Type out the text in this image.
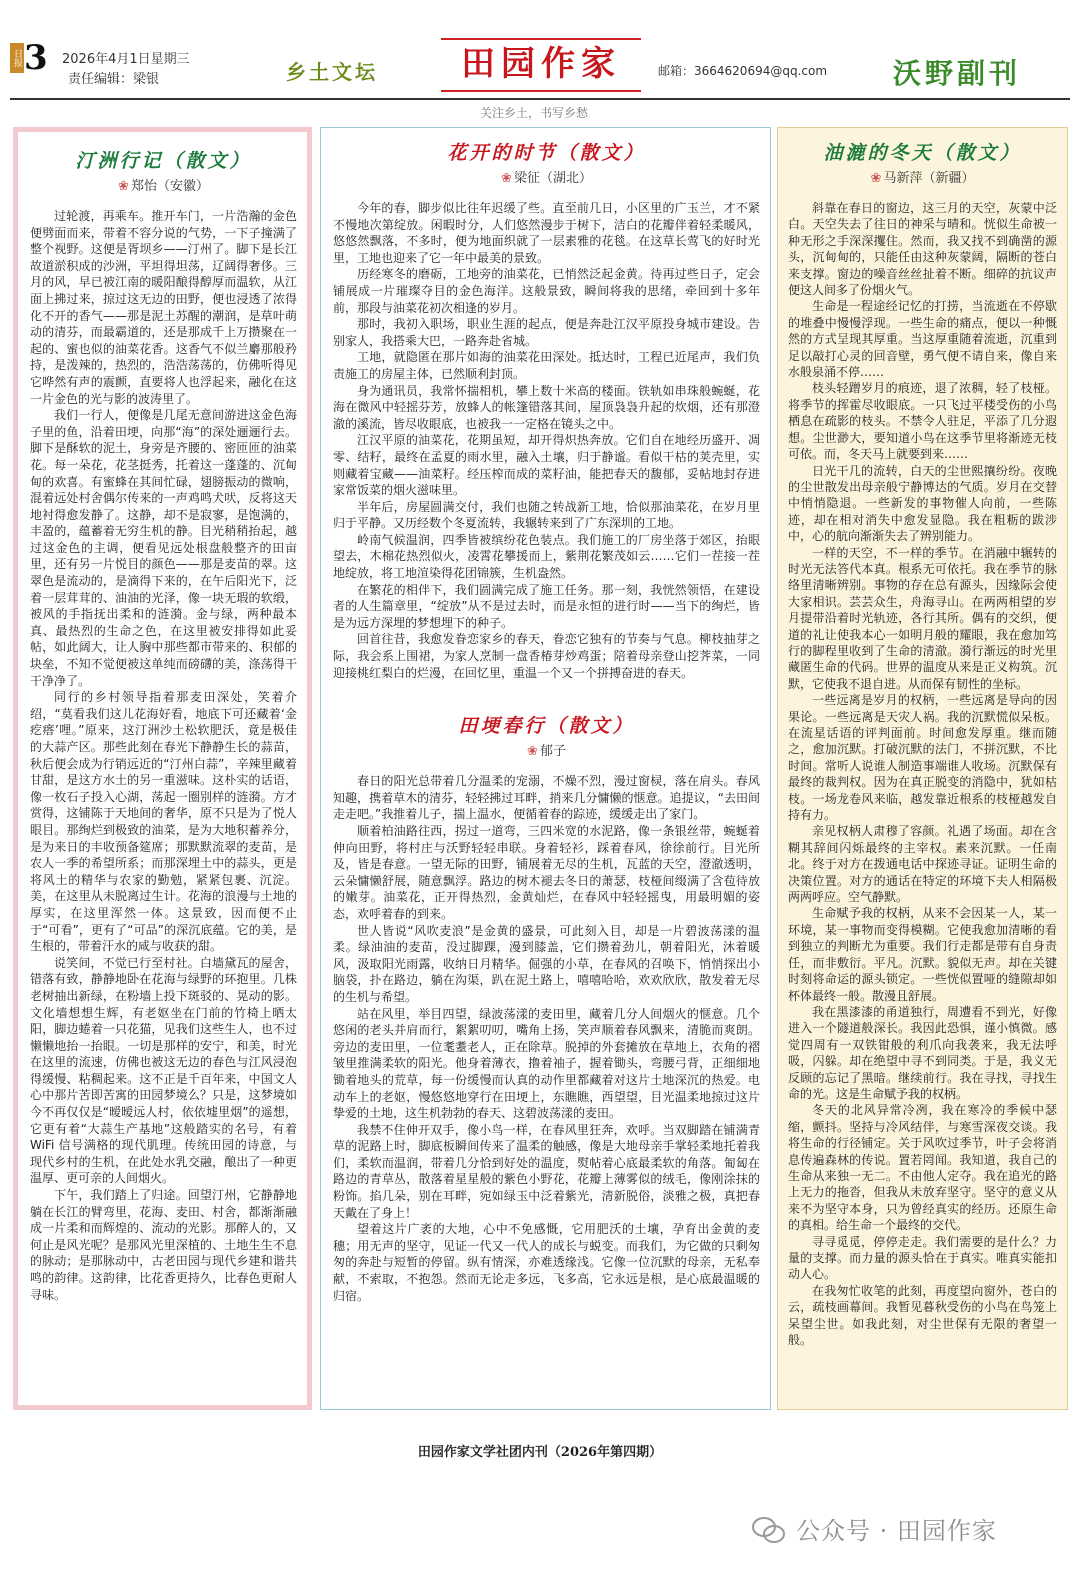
日报 3 2026年4月1日星期三
责任编辑：梁银	乡土文坛	田园作家	邮箱：3664620694@qq.com 沃野副刊
关注乡土，书写乡愁
汀洲行记（散文）
❀ 郑怡（安徽）

过轮渡，再乘车。推开车门，一片浩瀚的金色便劈面而来，带着不容分说的气势，一下子撞满了整个视野。这便是胥坝乡——汀州了。脚下是长江故道淤积成的沙洲，平坦得坦荡，辽阔得奢侈。三月的风，早已被江南的暖阳酿得醇厚而温软，从江面上拂过来，掠过这无边的田野，便也浸透了浓得化不开的香气——那是泥土苏醒的潮润，是草叶萌动的清芬，而最霸道的，还是那成千上万攒聚在一起的、蜜也似的油菜花香。这香气不似兰麝那般矜持，是泼辣的，热烈的，浩浩荡荡的，仿佛听得见它哗然有声的震颤，直要将人也浮起来，融化在这一片金色的光与影的波涛里了。

我们一行人，便像是几尾无意间游进这金色海子里的鱼，沿着田埂，向那“海”的深处逦逦行去。脚下是酥软的泥土，身旁是齐腰的、密匝匝的油菜花。每一朵花，花茎挺秀，托着这一蓬蓬的、沉甸甸的欢喜。有蜜蜂在其间忙碌，翅膀振动的微响，混着远处村舍偶尔传来的一声鸡鸣犬吠，反将这天地衬得愈发静了。这静，却不是寂寥，是饱满的，丰盈的，蕴蓄着无穷生机的静。目光稍稍抬起，越过这金色的主调，便看见远处根盘般整齐的田亩里，还有另一片悦目的颜色——那是麦苗的翠。这翠色是流动的，是滴得下来的，在午后阳光下，泛着一层茸茸的、油油的光泽，像一块无瑕的软缎，被风的手指抚出柔和的涟漪。金与绿，两种最本真、最热烈的生命之色，在这里被安排得如此妥帖，如此阔大，让人胸中那些都市带来的、积郁的块垒，不知不觉便被这单纯而磅礴的美，涤荡得干干净净了。

同行的乡村领导指着那麦田深处，笑着介绍，“莫看我们这儿花海好看，地底下可还藏着‘金疙瘩’哩。”原来，这汀洲沙土松软肥沃，竟是极佳的大蒜产区。那些此刻在春光下静静生长的蒜苗，秋后便会成为行销远近的“汀州白蒜”，辛辣里藏着甘甜，是这方水土的另一重滋味。这朴实的话语，像一枚石子投入心湖，荡起一圈别样的涟漪。方才赏得，这铺陈于天地间的奢华，原不只是为了悦人眼目。那绚烂到极致的油菜，是为大地积蓄养分，是为来日的丰收预备筵席；那默默流翠的麦苗，是农人一季的希望所系；而那深埋土中的蒜头，更是将风土的精华与农家的勤勉，紧紧包裹、沉淀。美，在这里从未脱离过生计。花海的浪漫与土地的厚实，在这里浑然一体。这景致，因而便不止于“可看”，更有了“可品”的深沉底蕴。它的美，是生根的，带着汗水的咸与收获的甜。

说笑间，不觉已行至村社。白墙黛瓦的屋舍，错落有致，静静地卧在花海与绿野的环抱里。几株老树抽出新绿，在粉墙上投下斑驳的、晃动的影。文化墙想想生辉，有老妪坐在门前的竹椅上晒太阳，脚边蜷着一只花猫，见我们这些生人，也不过懒懒地抬一抬眼。一切是那样的安宁，和美，时光在这里的流速，仿佛也被这无边的春色与江风浸泡得缓慢、粘稠起来。这不正是千百年来，中国文人心中那片苦即苦寓的田园梦境么？只是，这梦境如今不再仅仅是“暧暧远人村，依依墟里烟”的遥想，它更有着“大蒜生产基地”这般踏实的名号，有着 WiFi 信号满格的现代肌理。传统田园的诗意，与现代乡村的生机，在此处水乳交融，酿出了一种更温厚、更可亲的人间烟火。

下午，我们踏上了归途。回望汀州，它静静地躺在长江的臂弯里，花海、麦田、村舍，都渐渐融成一片柔和而辉煌的、流动的光影。那醉人的，又何止是风光呢？是那风光里深植的、土地生生不息的脉动；是那脉动中，古老田园与现代乡建和谐共鸣的韵律。这韵律，比花香更持久，比春色更耐人寻味。

花开的时节（散文）
❀ 梁征（湖北）

今年的春，脚步似比往年迟缓了些。直至前几日，小区里的广玉兰，才不紧不慢地次第绽放。闲暇时分，人们悠然漫步于树下，洁白的花瓣伴着轻柔暖风，悠悠然飘落，不多时，便为地面织就了一层素雅的花毯。在这草长莺飞的好时光里，工地也迎来了它一年中最美的景致。

历经寒冬的磨砺，工地旁的油菜花，已悄然泛起金黄。待再过些日子，定会铺展成一片璀璨夺目的金色海洋。这般景致，瞬间将我的思绪，牵回到十多年前，那段与油菜花初次相逢的岁月。

那时，我初入职场，职业生涯的起点，便是奔赴江汉平原投身城市建设。告别家人，我搭乘大巴，一路奔赴省城。

工地，就隐匿在那片如海的油菜花田深处。抵达时，工程已近尾声，我们负责施工的房屋主体，已然顺利封顶。

身为通讯员，我常怀揣相机，攀上数十米高的楼面。铁轨如串珠般蜿蜒，花海在微风中轻摇芬芳，放蜂人的帐篷错落其间，屋顶袅袅升起的炊烟，还有那澄澈的溪流，皆尽收眼底，也被我一一定格在镜头之中。

江汉平原的油菜花，花期虽短，却开得炽热奔放。它们自在地经历盛开、凋零、结籽，最终在孟夏的雨水里，融入土壤，归于静谧。看似干枯的荚壳里，实则藏着宝藏——油菜籽。经压榨而成的菜籽油，能把春天的馥郁，妥帖地封存进家常饭菜的烟火滋味里。

半年后，房屋圆满交付，我们也随之转战新工地，恰似那油菜花，在岁月里归于平静。又历经数个冬夏流转，我辗转来到了广东深圳的工地。

岭南气候温润，四季皆被缤纷花色装点。我们施工的厂房坐落于郊区，抬眼望去，木棉花热烈似火，凌霄花攀援而上，紫荆花繁茂如云……它们一茬接一茬地绽放，将工地渲染得花团锦簇，生机盎然。

在繁花的相伴下，我们圆满完成了施工任务。那一刻，我恍然领悟，在建设者的人生篇章里，“绽放”从不是过去时，而是永恒的进行时——当下的绚烂，皆是为远方深埋的梦想埋下的种子。

回首往昔，我愈发眷恋家乡的春天，眷恋它独有的节奏与气息。柳枝抽芽之际，我会系上围裙，为家人烹制一盘香椿芽炒鸡蛋；陪着母亲登山挖荠菜，一同迎接桃红梨白的烂漫，在回忆里，重温一个又一个拼搏奋进的春天。

田埂春行（散文）
❀ 郁子

春日的阳光总带着几分温柔的宠溺，不燥不烈，漫过窗棂，落在肩头。春风知趣，携着草木的清芬，轻轻拂过耳畔，捎来几分慵懒的惬意。追提议，“去田间走走吧。”我推着儿子，揣上温水，便循着春的踪迹，缓缓走出了家门。

顺着柏油路往西，拐过一道弯，三四米宽的水泥路，像一条银丝带，蜿蜒着伸向田野，将村庄与沃野轻轻串联。身着轻衫，踩着春风，徐徐前行。目光所及，皆是春意。一望无际的田野，铺展着无尽的生机，瓦蓝的天空，澄澈透明，云朵慵懒舒展，随意飘浮。路边的树木褪去冬日的萧瑟，枝桠间缀满了含苞待放的嫩芽。油菜花，正开得热烈，金黄灿烂，在春风中轻轻摇曳，用最明媚的姿态，欢呼着春的到来。

世人皆说“风吹麦浪”是金黄的盛景，可此刻入目，却是一片碧波荡漾的温柔。绿油油的麦苗，没过脚踝，漫到膝盖，它们攒着劲儿，朝着阳光，沐着暖风，汲取阳光雨露，收纳日月精华。倔强的小草，在春风的召唤下，悄悄探出小脑袋，扑在路边，躺在沟渠，趴在泥土路上，嘻嘻哈哈，欢欢欣欣，散发着无尽的生机与希望。

站在风里，举目四望，绿波荡漾的麦田里，藏着几分人间烟火的惬意。几个悠闲的老头并肩而行，絮絮叨叨，嘴角上扬，笑声顺着春风飘来，清脆而爽朗。旁边的麦田里，一位耄耋老人，正在除草。脱掉的外套摊放在草地上，衣角的褶皱里推满柔软的阳光。他身着薄衣，撸着袖子，握着锄头，弯腰弓背，正细细地锄着地头的荒草，每一份缓慢而认真的动作里都藏着对这片土地深沉的热爱。电动车上的老妪，慢悠悠地穿行在田埂上，东瞧瞧，西望望，目光温柔地掠过这片挚爱的土地，这生机勃勃的春天、这碧波荡漾的麦田。

我禁不住伸开双手，像小鸟一样，在春风里狂奔，欢呼。当双脚踏在铺满青草的泥路上时，脚底板瞬间传来了温柔的触感，像是大地母亲手掌轻柔地托着我们，柔软而温润，带着几分恰到好处的温度，熨帖着心底最柔软的角落。匍匐在路边的青草丛，散落着星星般的紫色小野花，花瓣上薄雾似的绒毛，像刚涂抹的粉饰。掐几朵，别在耳畔，宛如绿玉中泛着紫光，清新脱俗，淡雅之极，真把春天戴在了身上！

望着这片广袤的大地，心中不免感慨，它用肥沃的土壤，孕育出金黄的麦穗；用无声的坚守，见证一代又一代人的成长与蜕变。而我们，为它做的只剩匆匆的奔赴与短暂的停留。纵有情深，亦难透缘浅。它像一位沉默的母亲，无私奉献，不索取，不抱怨。然而无论走多远，飞多高，它永远是根，是心底最温暖的归宿。

油漉的冬天（散文）
❀ 马新萍（新疆）

斜靠在春日的窗边，这三月的天空，灰蒙中泛白。天空失去了往日的神采与晴和。恍似生命被一种无形之手深深攫住。然而，我又找不到确凿的源头，沉甸甸的，只能任由这种灰蒙阔，隔断的苍白来支撑。窗边的噪音丝丝扯着不断。细碎的抗议声便这人间多了份烟火气。

生命是一程途经记忆的打捞，当流逝在不停歇的堆叠中慢慢浮现。一些生命的痛点，便以一种慨然的方式呈现其厚重。当这厚重随着流逝，沉重到足以敲打心灵的回音壁，勇气便不请自来，像自来水般泉涌不停……

枝头轻蹭岁月的痕迹，退了浓稠，轻了枝桠。将季节的挥霍尽收眼底。一只飞过平楼受伤的小鸟栖息在疏影的枝头。不禁令人驻足，平添了几分遐想。尘世渺大，要知道小鸟在这季节里将渐迹无枝可依。而，冬天马上就要到来……

日光干几的流转，白天的尘世熙攘纷纷。夜晚的尘世散发出母亲般宁静博达的气质。岁月在交替中悄悄隐退。一些新发的事物催人向前，一些陈迹，却在相对消失中愈发显隐。我在粗粝的跋涉中，心的航向渐渐失去了辨别能力。

一样的天空，不一样的季节。在消融中辗转的时光无法答代本真。根系无可依托。我在季节的脉络里清晰辨别。事物的存在总有源头，因缘际会使大家相识。芸芸众生，舟海寻山。在两两相望的岁月提带沿着时光轨迹，各行其所。偶有的交织，便道的礼让使我本心一如明月般的耀眼，我在愈加笃行的脚程里收到了生命的清澈。漪行渐远的时光里藏匿生命的代码。世界的温度从来是正义构筑。沉默，它使我不退自进。从而保有韧性的坐标。

一些远离是岁月的权柄，一些远离是导向的因果论。一些远离是天灾人祸。我的沉默慌似呆板。在流星话语的评判面前。时间愈发厚重。继而随之，愈加沉默。打破沉默的法门，不拼沉默，不比时间。常听人说谁人制造事端谁人收场。沉默保有最终的裁判权。因为在真正脱变的消隐中，犹如枯枝。一场龙卷风来临，越发靠近根系的枝桠越发自持有力。

亲见权柄人肃穆了容颜。礼遇了场面。却在含糊其辞间闪烁最终的主宰权。素来沉默。一任南北。终于对方在拨通电话中探迹寻证。证明生命的决策位置。对方的通话在特定的环境下夫人相隔极两两呼应。空气静默。

生命赋予我的权柄，从来不会因某一人，某一环境，某一事物而变得模糊。它使我愈加清晰的看到独立的判断尤为重要。我们行走都是带有自身责任，而非敷衍。平凡。沉默。貌似无声。却在关键时刻将命运的源头锁定。一些恍似置哑的缝隙却如杯体最终一般。散漫且舒展。

我在黑漆漆的甬道独行，周遭看不到光，好像进入一个隧道般深长。我因此恐惧，谨小慎微。感觉四周有一双铁钳般的利爪向我袭来，我无法呼吸，闪躲。却在绝望中寻不到同类。于是，我义无反顾的忘记了黑暗。继续前行。我在寻找，寻找生命的光。这是生命赋予我的权柄。

冬天的北风异常冷冽，我在寒冷的季候中瑟缩，颤抖。坚持与冷风结伴，与寒雪深夜交谈。我将生命的行径铺定。关于风吹过季节，叶子会将消息传遍森林的传说。置若罔闻。我知道，我自己的生命从来独一无二。不由他人定夺。我在追光的路上无力的拖沓，但我从未放弃坚守。坚守的意义从来不为坚守本身，只为曾经真实的经历。还原生命的真相。给生命一个最终的交代。

寻寻觅觅，停停走走。我们需要的是什么？力量的支撑。而力量的源头恰在于真实。唯真实能扣动人心。

在我匆忙收笔的此刻，再度望向窗外，苍白的云，疏枝画幕间。我暂见暮秋受伤的小鸟在鸟笼上呆望尘世。如我此刻，对尘世保有无限的奢望一般。

田园作家文学社团内刊（2026年第四期）
公众号 · 田园作家
